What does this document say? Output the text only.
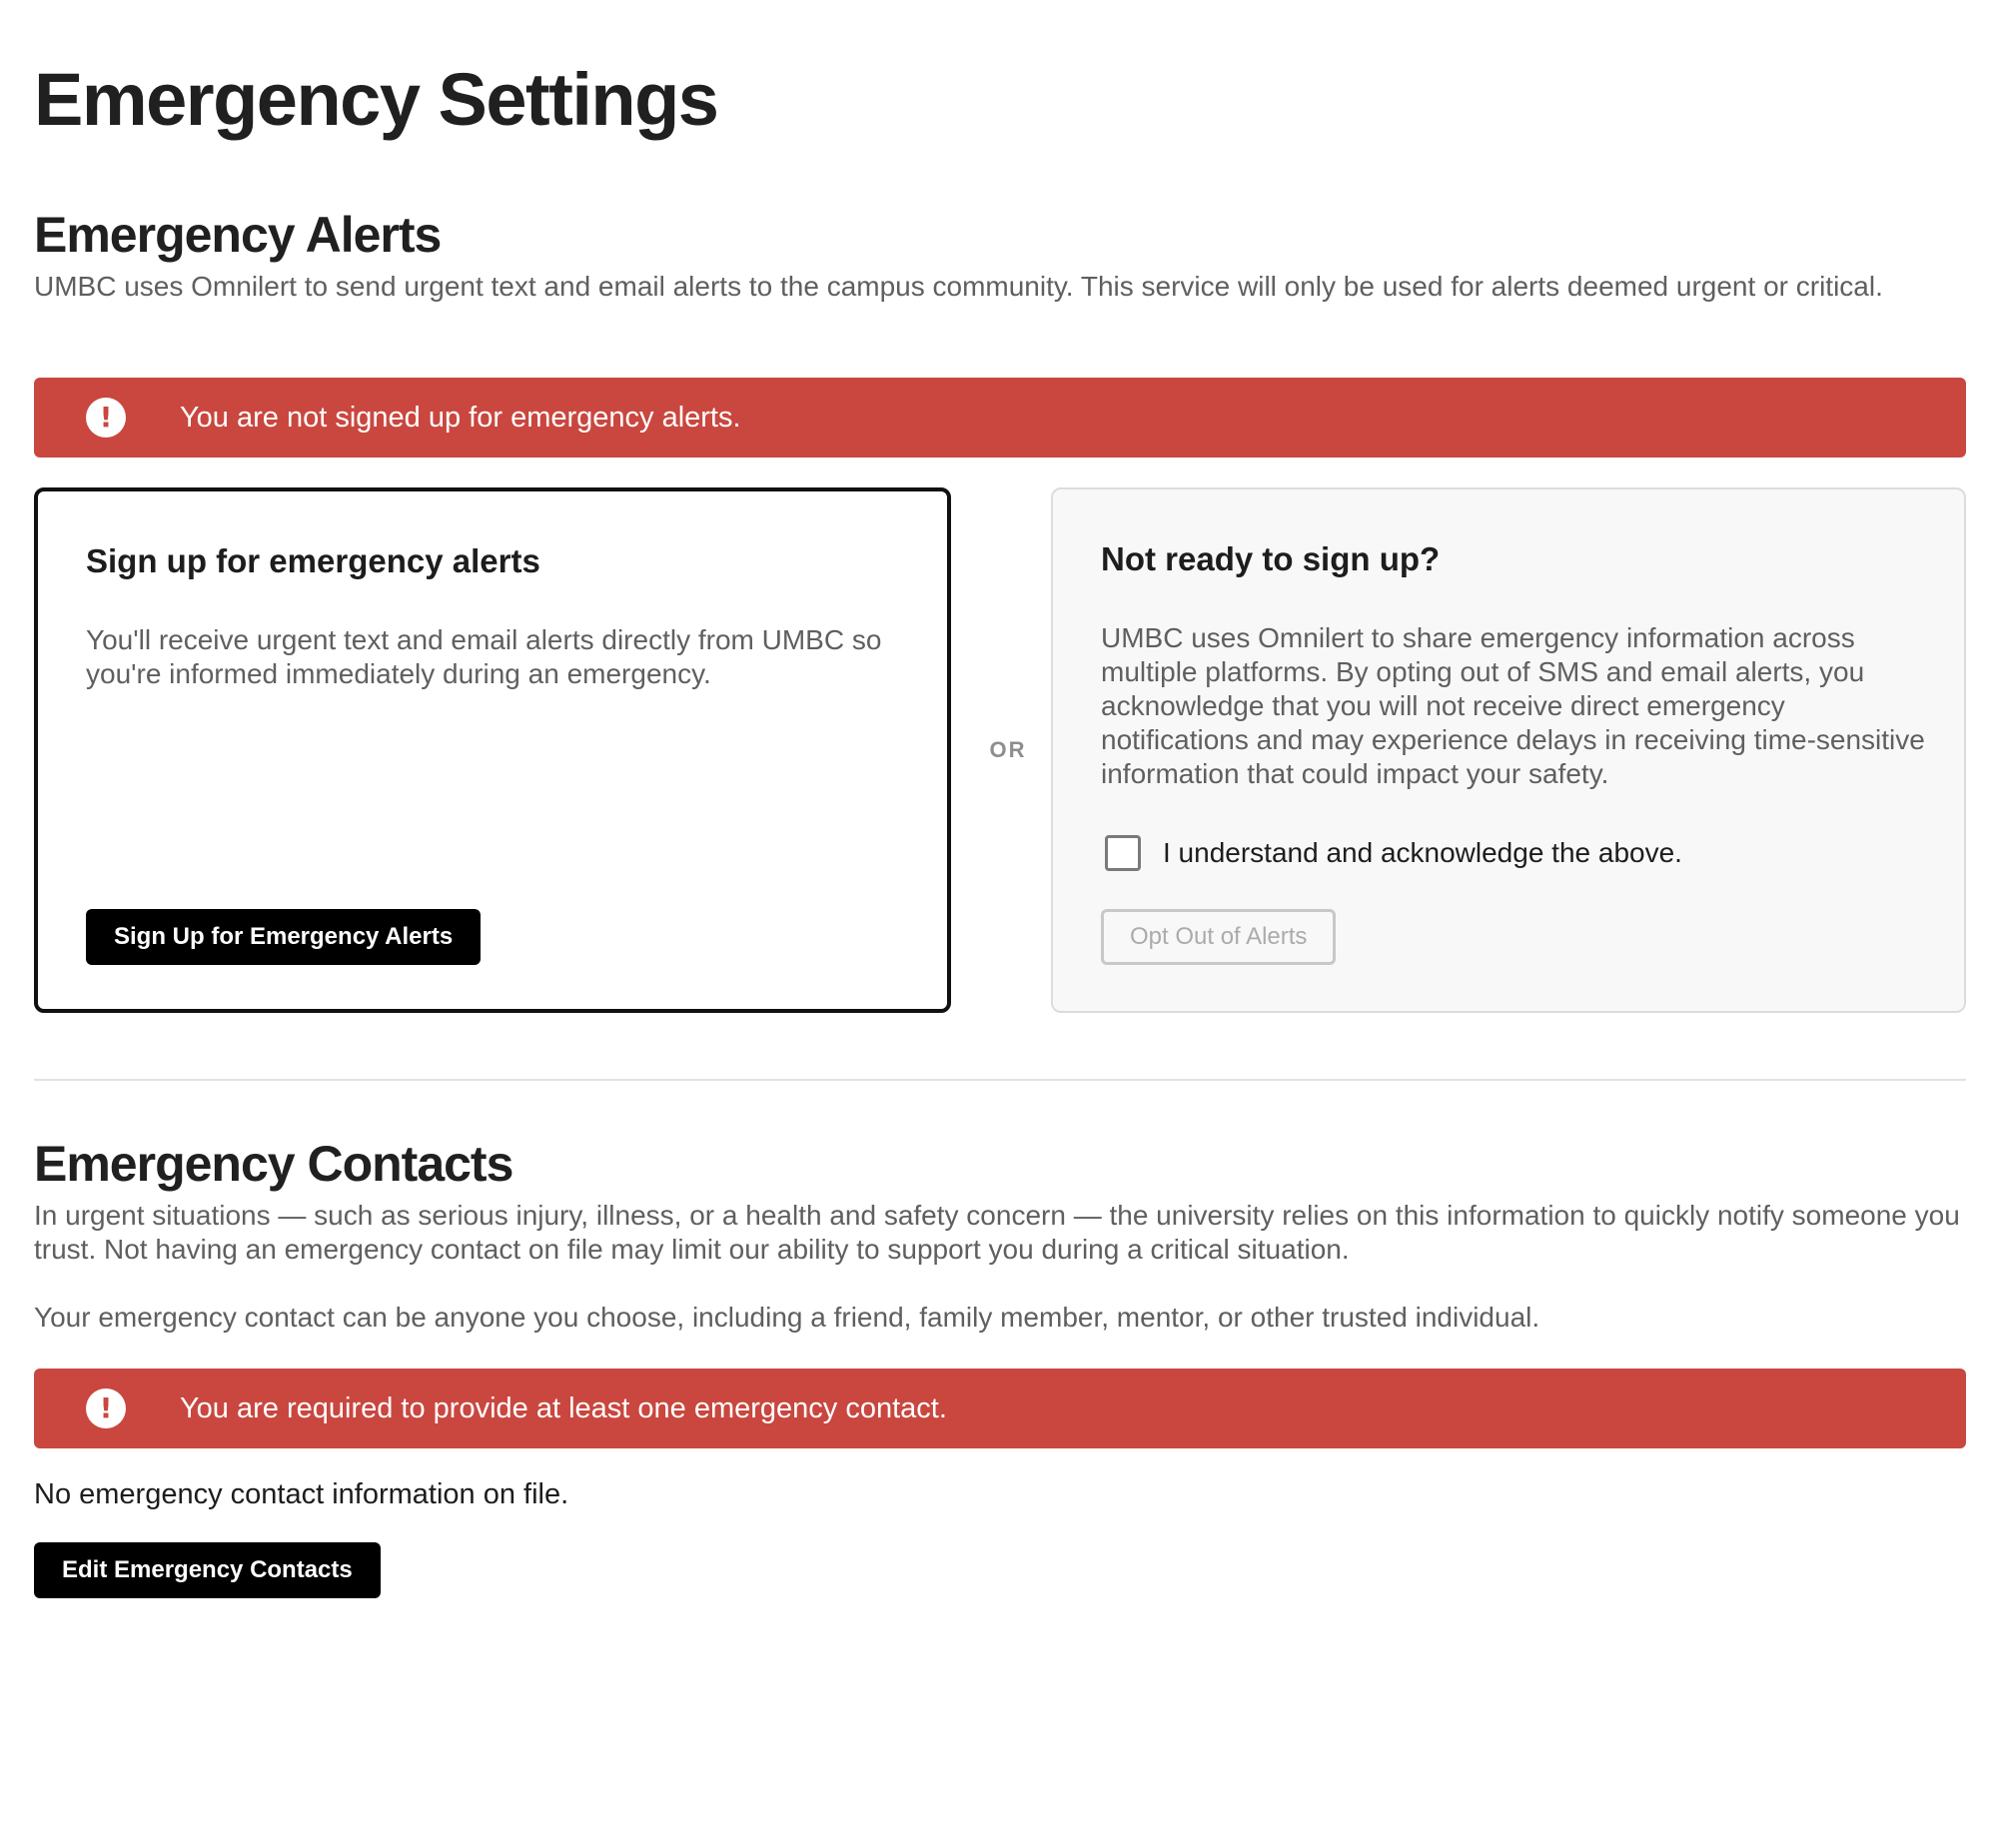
Emergency Settings
Emergency Alerts

UMBC uses Omnilert to send urgent text and email alerts to the campus community. This service will only be used for alerts deemed urgent or critical.

!	You are not signed up for emergency alerts.
Sign up for emergency alerts

You'll receive urgent text and email alerts directly from UMBC so you're informed immediately during an emergency.

Sign Up for Emergency Alerts
OR
Not ready to sign up?

UMBC uses Omnilert to share emergency information across multiple platforms. By opting out of SMS and email alerts, you acknowledge that you will not receive direct emergency notifications and may experience delays in receiving time-sensitive information that could impact your safety.

I understand and acknowledge the above.
Opt Out of Alerts
Emergency Contacts

In urgent situations — such as serious injury, illness, or a health and safety concern — the university relies on this information to quickly notify someone you trust. Not having an emergency contact on file may limit our ability to support you during a critical situation.

Your emergency contact can be anyone you choose, including a friend, family member, mentor, or other trusted individual.

!	You are required to provide at least one emergency contact.

No emergency contact information on file.

Edit Emergency Contacts
